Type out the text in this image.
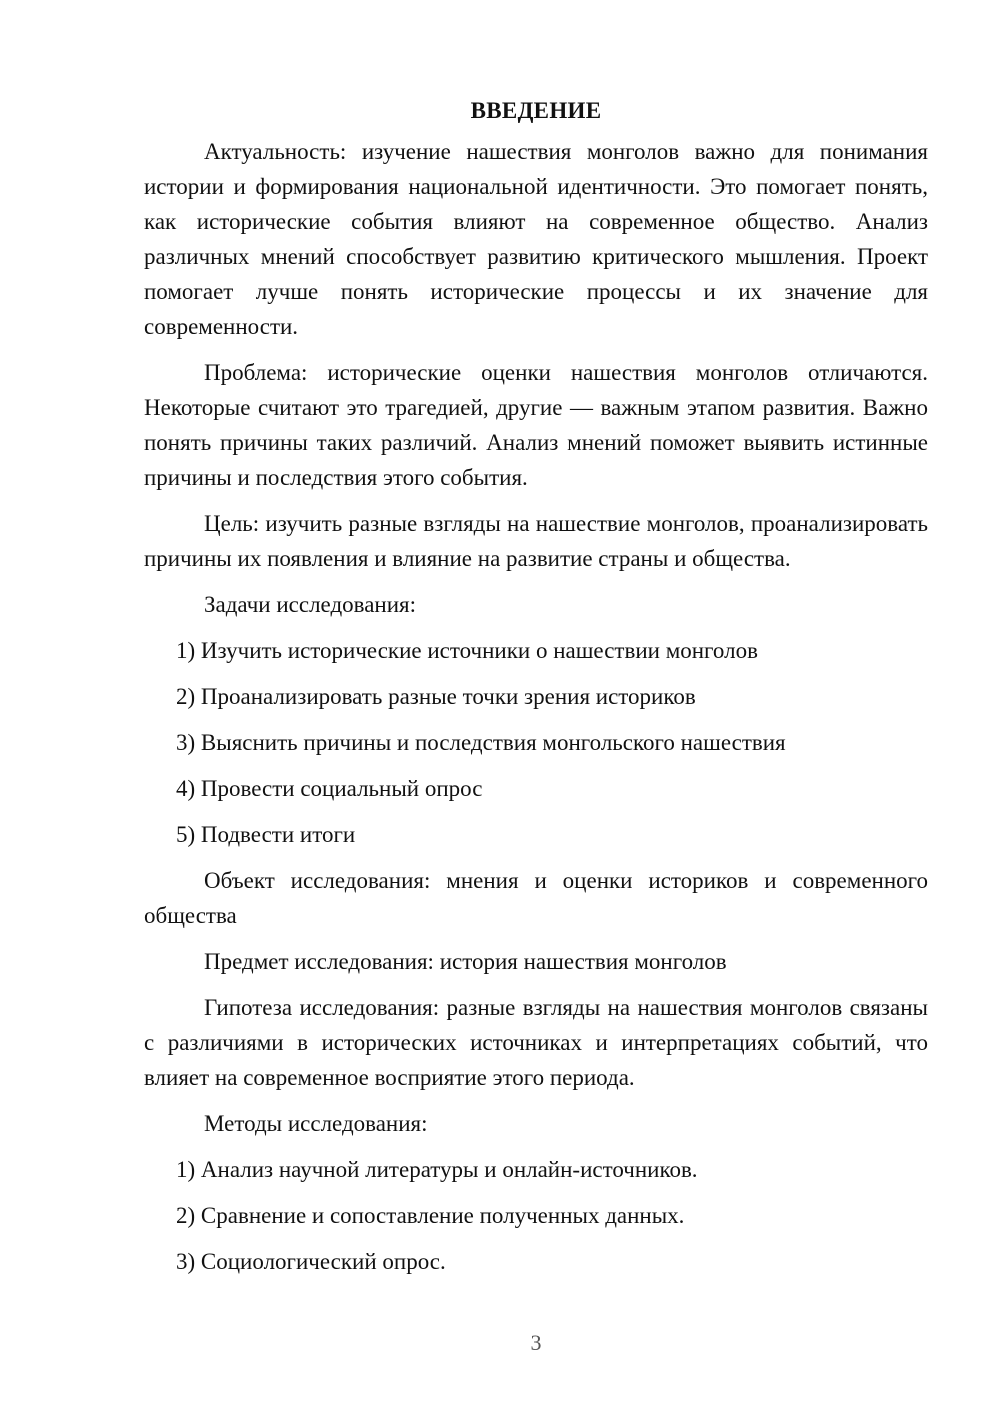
ВВЕДЕНИЕ

Актуальность: изучение нашествия монголов важно для понимания истории и формирования национальной идентичности. Это помогает понять, как исторические события влияют на современное общество. Анализ различных мнений способствует развитию критического мышления. Проект помогает лучше понять исторические процессы и их значение для современности.

Проблема: исторические оценки нашествия монголов отличаются. Некоторые считают это трагедией, другие — важным этапом развития. Важно понять причины таких различий. Анализ мнений поможет выявить истинные причины и последствия этого события.

Цель: изучить разные взгляды на нашествие монголов, проанализировать причины их появления и влияние на развитие страны и общества.

Задачи исследования:

1) Изучить исторические источники о нашествии монголов
2) Проанализировать разные точки зрения историков
3) Выяснить причины и последствия монгольского нашествия
4) Провести социальный опрос
5) Подвести итоги

Объект исследования: мнения и оценки историков и современного общества

Предмет исследования: история нашествия монголов

Гипотеза исследования: разные взгляды на нашествия монголов связаны с различиями в исторических источниках и интерпретациях событий, что влияет на современное восприятие этого периода.

Методы исследования:

1) Анализ научной литературы и онлайн-источников.
2) Сравнение и сопоставление полученных данных.
3) Социологический опрос.
3
